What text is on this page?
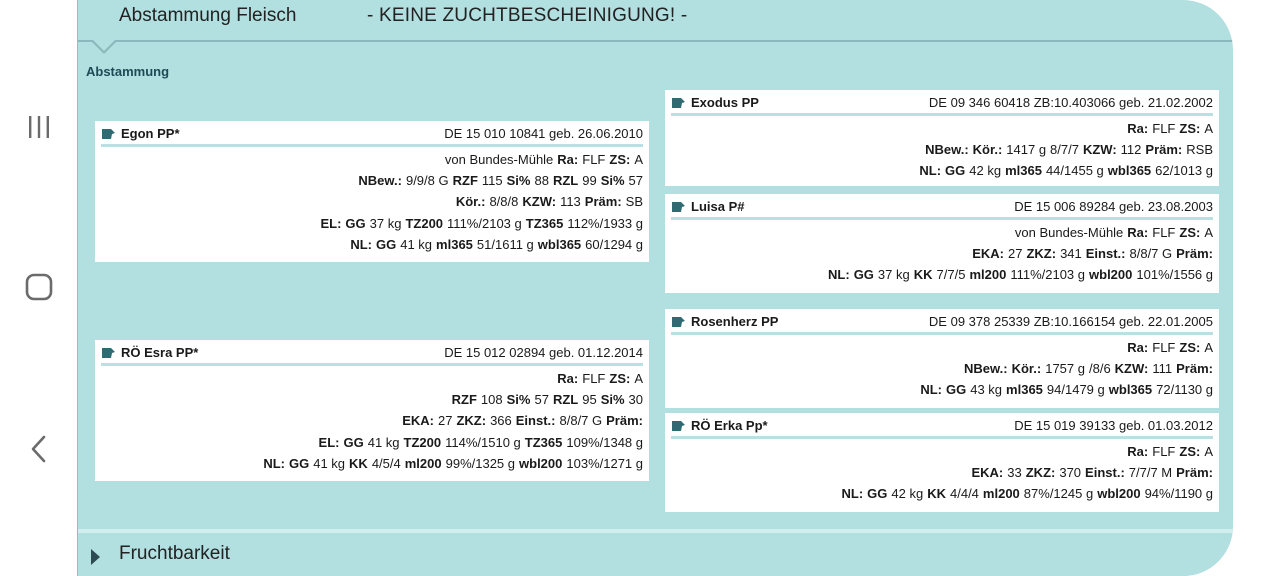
Abstammung Fleisch	- KEINE ZUCHTBESCHEINIGUNG! -
Abstammung
Egon PP*	DE 15 010 10841 geb. 26.06.2010
von Bundes-Mühle Ra: FLF ZS: A
NBew.: 9/9/8 G RZF 115 Si% 88 RZL 99 Si% 57
Kör.: 8/8/8 KZW: 113 Präm: SB
EL: GG 37 kg TZ200 111%/2103 g TZ365 112%/1933 g
NL: GG 41 kg ml365 51/1611 g wbl365 60/1294 g
RÖ Esra PP*	DE 15 012 02894 geb. 01.12.2014
Ra: FLF ZS: A
RZF 108 Si% 57 RZL 95 Si% 30
EKA: 27 ZKZ: 366 Einst.: 8/8/7 G Präm:
EL: GG 41 kg TZ200 114%/1510 g TZ365 109%/1348 g
NL: GG 41 kg KK 4/5/4 ml200 99%/1325 g wbl200 103%/1271 g
Exodus PP	DE 09 346 60418 ZB:10.403066 geb. 21.02.2002
Ra: FLF ZS: A
NBew.: Kör.: 1417 g 8/7/7 KZW: 112 Präm: RSB
NL: GG 42 kg ml365 44/1455 g wbl365 62/1013 g
Luisa P#	DE 15 006 89284 geb. 23.08.2003
von Bundes-Mühle Ra: FLF ZS: A
EKA: 27 ZKZ: 341 Einst.: 8/8/7 G Präm:
NL: GG 37 kg KK 7/7/5 ml200 111%/2103 g wbl200 101%/1556 g
Rosenherz PP	DE 09 378 25339 ZB:10.166154 geb. 22.01.2005
Ra: FLF ZS: A
NBew.: Kör.: 1757 g /8/6 KZW: 111 Präm:
NL: GG 43 kg ml365 94/1479 g wbl365 72/1130 g
RÖ Erka Pp*	DE 15 019 39133 geb. 01.03.2012
Ra: FLF ZS: A
EKA: 33 ZKZ: 370 Einst.: 7/7/7 M Präm:
NL: GG 42 kg KK 4/4/4 ml200 87%/1245 g wbl200 94%/1190 g
Fruchtbarkeit
